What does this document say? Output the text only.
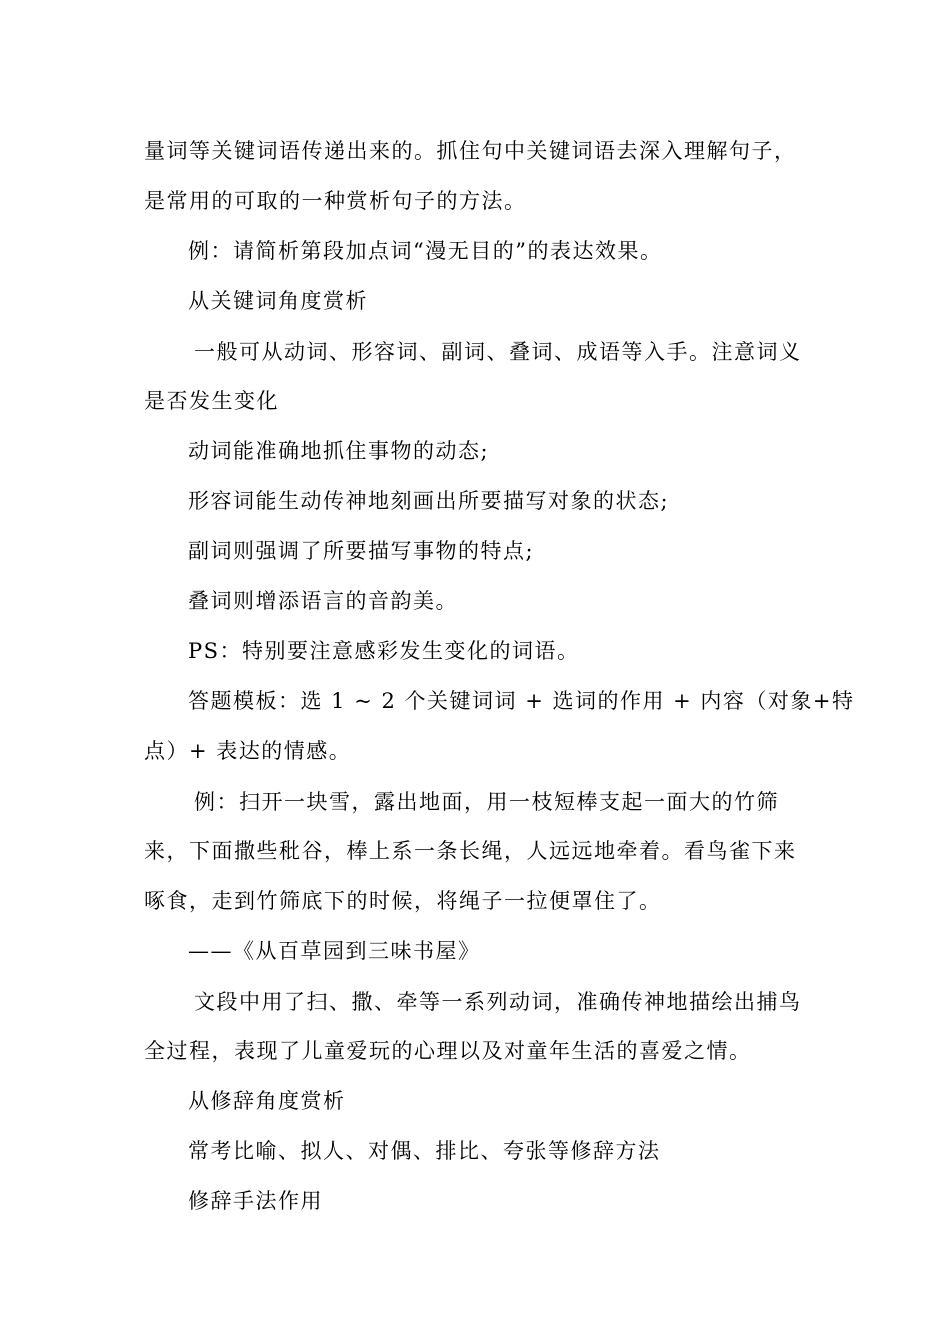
量词等关键词语传递出来的。抓住句中关键词语去深入理解句子，
是常用的可取的一种赏析句子的方法。
例：请简析第段加点词“漫无目的”的表达效果。
从关键词角度赏析
一般可从动词、形容词、副词、叠词、成语等入手。注意词义
是否发生变化
动词能准确地抓住事物的动态;
形容词能生动传神地刻画出所要描写对象的状态;
副词则强调了所要描写事物的特点;
叠词则增添语言的音韵美。
PS：特别要注意感彩发生变化的词语。
答题模板：选 1 ~ 2 个关键词词 + 选词的作用 + 内容（对象+特
点）+ 表达的情感。
例：扫开一块雪，露出地面，用一枝短棒支起一面大的竹筛
来，下面撒些秕谷，棒上系一条长绳，人远远地牵着。看鸟雀下来
啄食，走到竹筛底下的时候，将绳子一拉便罩住了。
——《从百草园到三味书屋》
文段中用了扫、撒、牵等一系列动词，准确传神地描绘出捕鸟
全过程，表现了儿童爱玩的心理以及对童年生活的喜爱之情。
从修辞角度赏析
常考比喻、拟人、对偶、排比、夸张等修辞方法
修辞手法作用
